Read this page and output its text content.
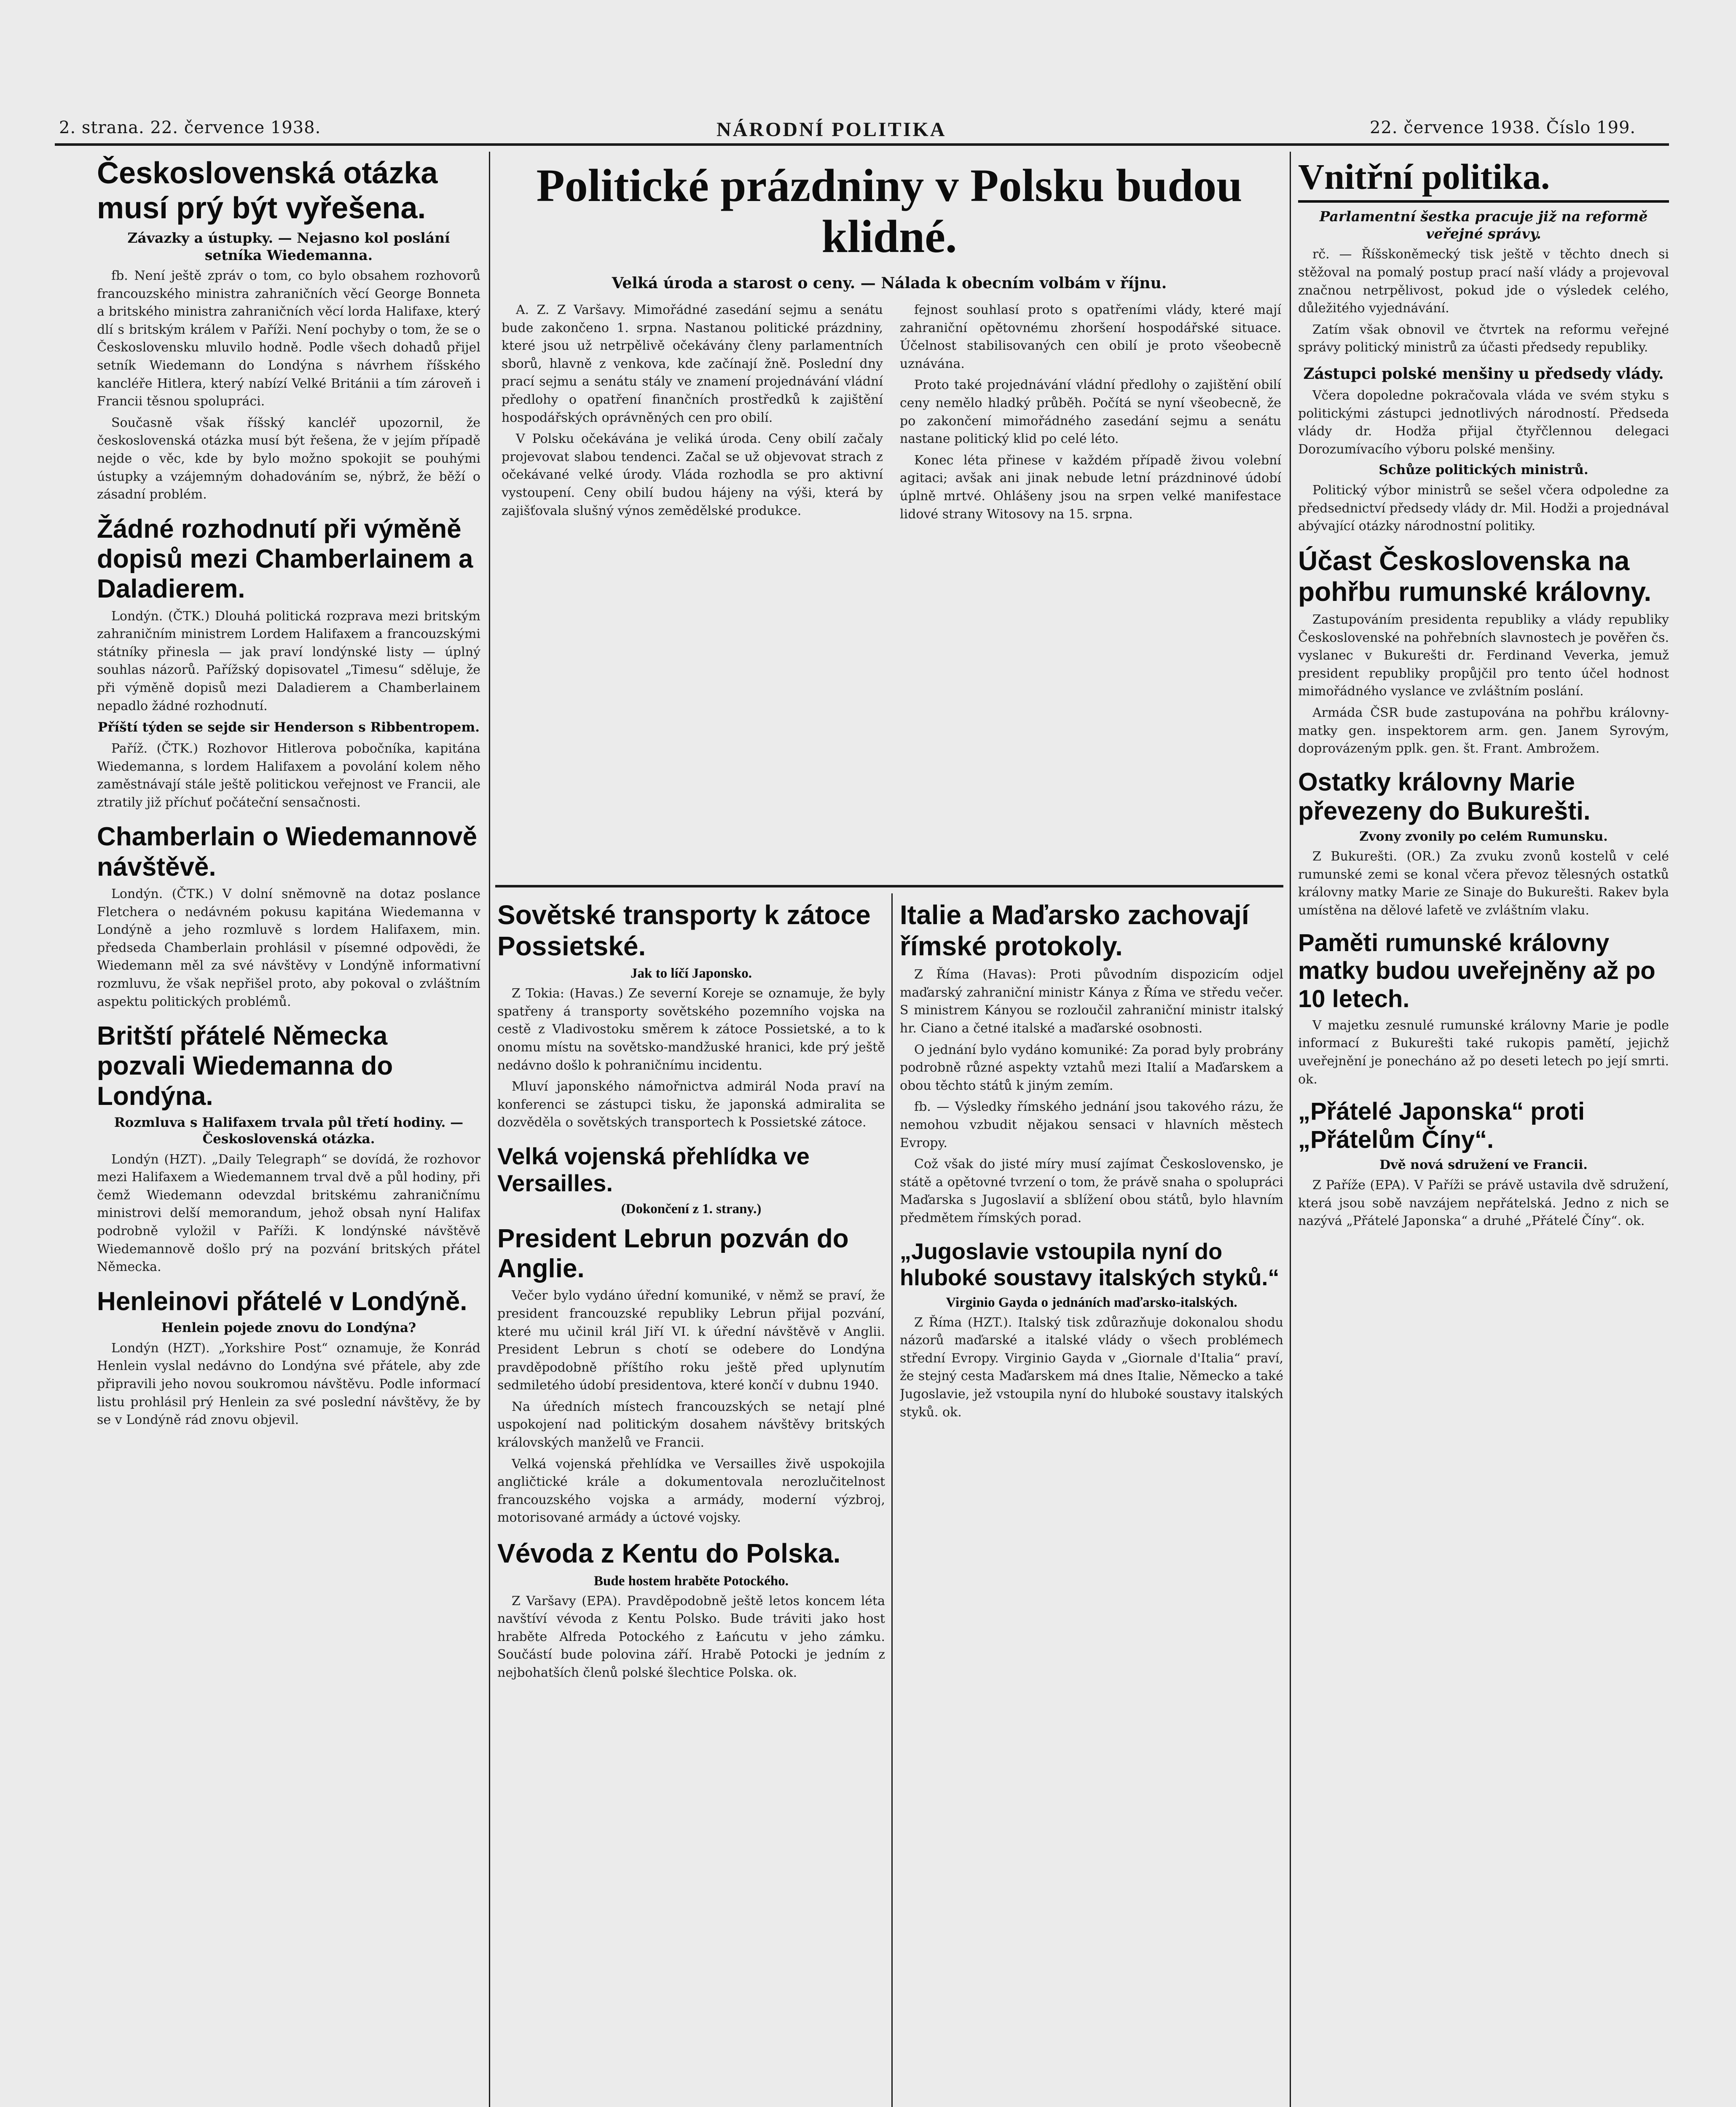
2. strana. 22. července 1938.	NÁRODNÍ POLITIKA	22. července 1938. Číslo 199.
Československá otázka musí prý být vyřešena.
Závazky a ústupky. — Nejasno kol poslání setníka Wiedemanna.

fb. Není ještě zpráv o tom, co bylo obsahem rozhovorů francouzského ministra zahraničních věcí George Bonneta a britského ministra zahraničních věcí lorda Halifaxe, který dlí s britským králem v Paříži. Není pochyby o tom, že se o Československu mluvilo hodně. Podle všech dohadů přijel setník Wiedemann do Londýna s návrhem říšského kancléře Hitlera, který nabízí Velké Británii a tím zároveň i Francii těsnou spolupráci.

Současně však říšský kancléř upozornil, že československá otázka musí být řešena, že v jejím případě nejde o věc, kde by bylo možno spokojit se pouhými ústupky a vzájemným dohadováním se, nýbrž, že běží o zásadní problém.

Žádné rozhodnutí při výměně dopisů mezi Chamberlainem a Daladierem.

Londýn. (ČTK.) Dlouhá politická rozprava mezi britským zahraničním ministrem Lordem Halifaxem a francouzskými státníky přinesla — jak praví londýnské listy — úplný souhlas názorů. Pařížský dopisovatel „Timesu“ sděluje, že při výměně dopisů mezi Daladierem a Chamberlainem nepadlo žádné rozhodnutí.

Příští týden se sejde sir Henderson s Ribbentropem.

Paříž. (ČTK.) Rozhovor Hitlerova pobočníka, kapitána Wiedemanna, s lordem Halifaxem a povolání kolem něho zaměstnávají stále ještě politickou veřejnost ve Francii, ale ztratily již příchuť počáteční sensačnosti.

Chamberlain o Wiedemannově návštěvě.

Londýn. (ČTK.) V dolní sněmovně na dotaz poslance Fletchera o nedávném pokusu kapitána Wiedemanna v Londýně a jeho rozmluvě s lordem Halifaxem, min. předseda Chamberlain prohlásil v písemné odpovědi, že Wiedemann měl za své návštěvy v Londýně informativní rozmluvu, že však nepřišel proto, aby pokoval o zvláštním aspektu politických problémů.

Britští přátelé Německa pozvali Wiedemanna do Londýna.
Rozmluva s Halifaxem trvala půl třetí hodiny. — Československá otázka.

Londýn (HZT). „Daily Telegraph“ se dovídá, že rozhovor mezi Halifaxem a Wiedemannem trval dvě a půl hodiny, při čemž Wiedemann odevzdal britskému zahraničnímu ministrovi delší memorandum, jehož obsah nyní Halifax podrobně vyložil v Paříži. K londýnské návštěvě Wiedemannově došlo prý na pozvání britských přátel Německa.

Henleinovi přátelé v Londýně.
Henlein pojede znovu do Londýna?

Londýn (HZT). „Yorkshire Post“ oznamuje, že Konrád Henlein vyslal nedávno do Londýna své přátele, aby zde připravili jeho novou soukromou návštěvu. Podle informací listu prohlásil prý Henlein za své poslední návštěvy, že by se v Londýně rád znovu objevil.

Politické prázdniny v Polsku budou klidné.
Velká úroda a starost o ceny. — Nálada k obecním volbám v říjnu.

A. Z. Z Varšavy. Mimořádné zasedání sejmu a senátu bude zakončeno 1. srpna. Nastanou politické prázdniny, které jsou už netrpělivě očekávány členy parlamentních sborů, hlavně z venkova, kde začínají žně. Poslední dny prací sejmu a senátu stály ve znamení projednávání vládní předlohy o opatření finančních prostředků k zajištění hospodářských oprávněných cen pro obilí.

V Polsku očekávána je veliká úroda. Ceny obilí začaly projevovat slabou tendenci. Začal se už objevovat strach z očekávané velké úrody. Vláda rozhodla se pro aktivní vystoupení. Ceny obilí budou hájeny na výši, která by zajišťovala slušný výnos zemědělské produkce.

fejnost souhlasí proto s opatřeními vlády, které mají zahraniční opětovnému zhoršení hospodářské situace. Účelnost stabilisovaných cen obilí je proto všeobecně uznávána.

Proto také projednávání vládní předlohy o zajištění obilí ceny nemělo hladký průběh. Počítá se nyní všeobecně, že po zakončení mimořádného zasedání sejmu a senátu nastane politický klid po celé léto.

Konec léta přinese v každém případě živou volební agitaci; avšak ani jinak nebude letní prázdninové údobí úplně mrtvé. Ohlášeny jsou na srpen velké manifestace lidové strany Witosovy na 15. srpna.

Sovětské transporty k zátoce Possietské.
Jak to líčí Japonsko.

Z Tokia: (Havas.) Ze severní Koreje se oznamuje, že byly spatřeny á transporty sovětského pozemního vojska na cestě z Vladivostoku směrem k zátoce Possietské, a to k onomu místu na sovětsko-mandžuské hranici, kde prý ještě nedávno došlo k pohraničnímu incidentu.

Mluví japonského námořnictva admirál Noda praví na konferenci se zástupci tisku, že japonská admiralita se dozvěděla o sovětských transportech k Possietské zátoce.

Velká vojenská přehlídka ve Versailles.
(Dokončení z 1. strany.)
President Lebrun pozván do Anglie.

Večer bylo vydáno úřední komuniké, v němž se praví, že president francouzské republiky Lebrun přijal pozvání, které mu učinil král Jiří VI. k úřední návštěvě v Anglii. President Lebrun s chotí se odebere do Londýna pravděpodobně příštího roku ještě před uplynutím sedmiletého údobí presidentova, které končí v dubnu 1940.

Na úředních místech francouzských se netají plné uspokojení nad politickým dosahem návštěvy britských královských manželů ve Francii.

Velká vojenská přehlídka ve Versailles živě uspokojila angličtické krále a dokumentovala nerozlučitelnost francouzského vojska a armády, moderní výzbroj, motorisované armády a úctové vojsky.

Vévoda z Kentu do Polska.
Bude hostem hraběte Potockého.

Z Varšavy (EPA). Pravděpodobně ještě letos koncem léta navštíví vévoda z Kentu Polsko. Bude tráviti jako host hraběte Alfreda Potockého z Łańcutu v jeho zámku. Součástí bude polovina září. Hrabě Potocki je jedním z nejbohatších členů polské šlechtice Polska. ok.

Italie a Maďarsko zachovají římské protokoly.

Z Říma (Havas): Proti původním dispozicím odjel maďarský zahraniční ministr Kánya z Říma ve středu večer. S ministrem Kányou se rozloučil zahraniční ministr italský hr. Ciano a četné italské a maďarské osobnosti.

O jednání bylo vydáno komuniké: Za porad byly probrány podrobně různé aspekty vztahů mezi Italií a Maďarskem a obou těchto států k jiným zemím.

fb. — Výsledky římského jednání jsou takového rázu, že nemohou vzbudit nějakou sensaci v hlavních městech Evropy.

Což však do jisté míry musí zajímat Československo, je státě a opětovné tvrzení o tom, že právě snaha o spolupráci Maďarska s Jugoslavií a sblížení obou států, bylo hlavním předmětem římských porad.

„Jugoslavie vstoupila nyní do hluboké soustavy italských styků.“
Virginio Gayda o jednáních maďarsko-italských.

Z Říma (HZT.). Italský tisk zdůrazňuje dokonalou shodu názorů maďarské a italské vlády o všech problémech střední Evropy. Virginio Gayda v „Giornale d'Italia“ praví, že stejný cesta Maďarskem má dnes Italie, Německo a také Jugoslavie, jež vstoupila nyní do hluboké soustavy italských styků. ok.

Vnitřní politika.
Parlamentní šestka pracuje již na reformě veřejné správy.

rč. — Říšskoněmecký tisk ještě v těchto dnech si stěžoval na pomalý postup prací naší vlády a projevoval značnou netrpělivost, pokud jde o výsledek celého, důležitého vyjednávání.

Zatím však obnovil ve čtvrtek na reformu veřejné správy politický ministrů za účasti předsedy republiky.

Zástupci polské menšiny u předsedy vlády.

Včera dopoledne pokračovala vláda ve svém styku s politickými zástupci jednotlivých národností. Předseda vlády dr. Hodža přijal čtyřčlennou delegaci Dorozumívacího výboru polské menšiny.

Schůze politických ministrů.

Politický výbor ministrů se sešel včera odpoledne za předsednictví předsedy vlády dr. Mil. Hodži a projednával abývající otázky národnostní politiky.

Účast Československa na pohřbu rumunské královny.

Zastupováním presidenta republiky a vlády republiky Československé na pohřebních slavnostech je pověřen čs. vyslanec v Bukurešti dr. Ferdinand Veverka, jemuž president republiky propůjčil pro tento účel hodnost mimořádného vyslance ve zvláštním poslání.

Armáda ČSR bude zastupována na pohřbu královny-matky gen. inspektorem arm. gen. Janem Syrovým, doprovázeným pplk. gen. št. Frant. Ambrožem.

Ostatky královny Marie převezeny do Bukurešti.
Zvony zvonily po celém Rumunsku.

Z Bukurešti. (OR.) Za zvuku zvonů kostelů v celé rumunské zemi se konal včera převoz tělesných ostatků královny matky Marie ze Sinaje do Bukurešti. Rakev byla umístěna na dělové lafetě ve zvláštním vlaku.

Paměti rumunské královny matky budou uveřejněny až po 10 letech.

V majetku zesnulé rumunské královny Marie je podle informací z Bukurešti také rukopis pamětí, jejichž uveřejnění je ponecháno až po deseti letech po její smrti. ok.

„Přátelé Japonska“ proti „Přátelům Číny“.
Dvě nová sdružení ve Francii.

Z Paříže (EPA). V Paříži se právě ustavila dvě sdružení, která jsou sobě navzájem nepřátelská. Jedno z nich se nazývá „Přátelé Japonska“ a druhé „Přátelé Číny“. ok.
